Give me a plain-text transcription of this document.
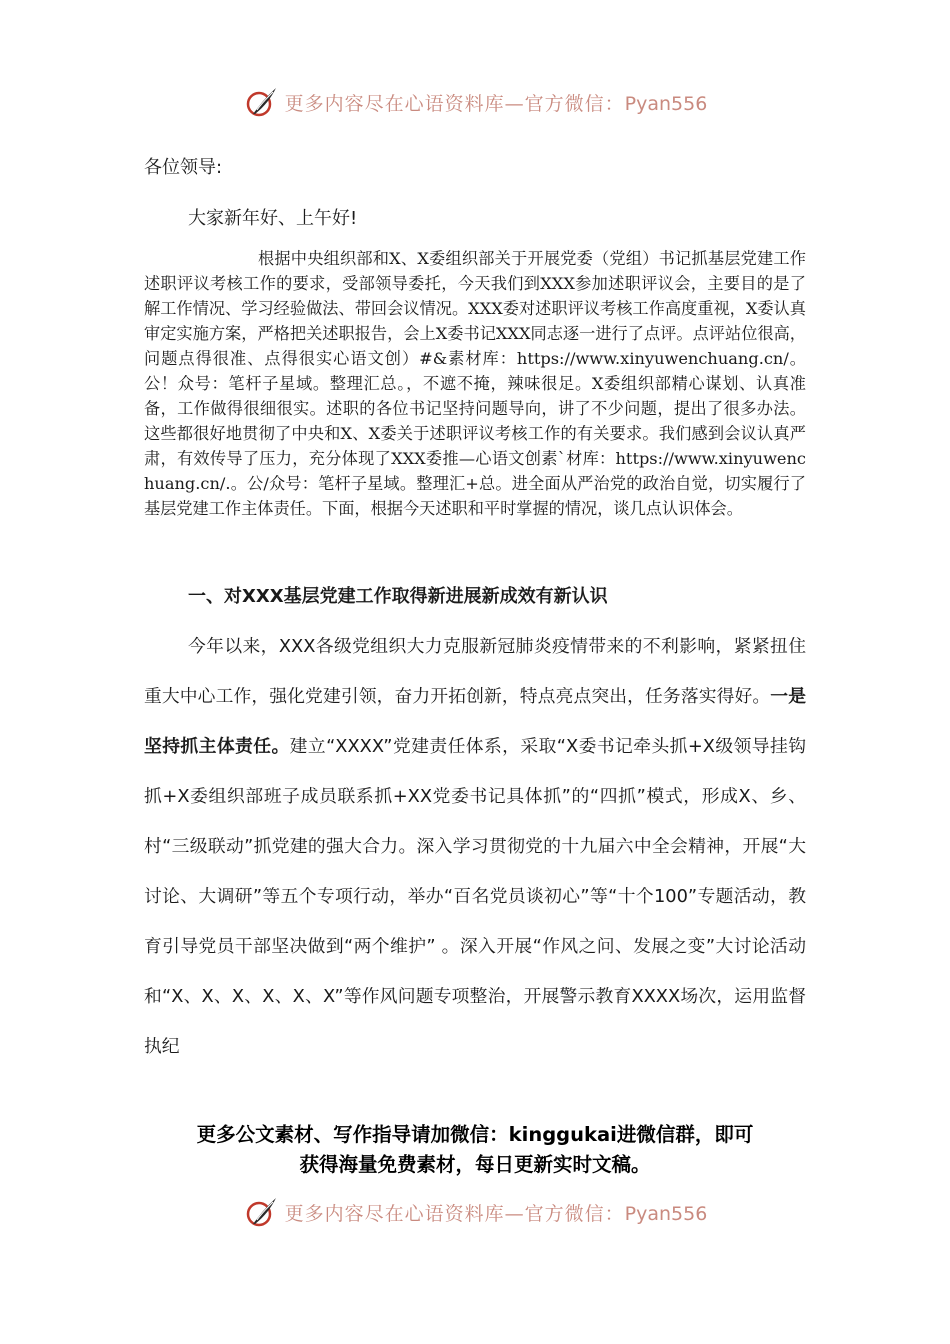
更多内容尽在心语资料库—官方微信：Pyan556
各位领导:
大家新年好、上午好!

根据中央组织部和X、X委组织部关于开展党委（党组）书记抓基层党建工作述职评议考核工作的要求，受部领导委托，今天我们到XXX参加述职评议会，主要目的是了解工作情况、学习经验做法、带回会议情况。XXX委对述职评议考核工作高度重视，X委认真审定实施方案，严格把关述职报告，会上X委书记XXX同志逐一进行了点评。点评站位很高，问题点得很准、点得很实心语文创）#&素材库：https://www.xinyuwenchuang.cn/。公！众号：笔杆子星域。整理汇总。，不遮不掩，辣味很足。X委组织部精心谋划、认真准备，工作做得很细很实。述职的各位书记坚持问题导向，讲了不少问题，提出了很多办法。这些都很好地贯彻了中央和X、X委关于述职评议考核工作的有关要求。我们感到会议认真严肃，有效传导了压力，充分体现了XXX委推—心语文创素`材库：https://www.xinyuwenchuang.cn/.。公/众号：笔杆子星域。整理汇+总。进全面从严治党的政治自觉，切实履行了基层党建工作主体责任。下面，根据今天述职和平时掌握的情况，谈几点认识体会。

一、对XXX基层党建工作取得新进展新成效有新认识

今年以来，XXX各级党组织大力克服新冠肺炎疫情带来的不利影响，紧紧扭住重大中心工作，强化党建引领，奋力开拓创新，特点亮点突出，任务落实得好。一是坚持抓主体责任。建立“XXXX”党建责任体系，采取“X委书记牵头抓+X级领导挂钩抓+X委组织部班子成员联系抓+XX党委书记具体抓”的“四抓”模式，形成X、乡、村“三级联动”抓党建的强大合力。深入学习贯彻党的十九届六中全会精神，开展“大讨论、大调研”等五个专项行动，举办“百名党员谈初心”等“十个100”专题活动，教育引导党员干部坚决做到“两个维护” 。深入开展“作风之问、发展之变”大讨论活动和“X、X、X、X、X、X”等作风问题专项整治，开展警示教育XXXX场次，运用监督执纪

更多公文素材、写作指导请加微信：kinggukai进微信群，即可
获得海量免费素材，每日更新实时文稿。

更多内容尽在心语资料库—官方微信：Pyan556
